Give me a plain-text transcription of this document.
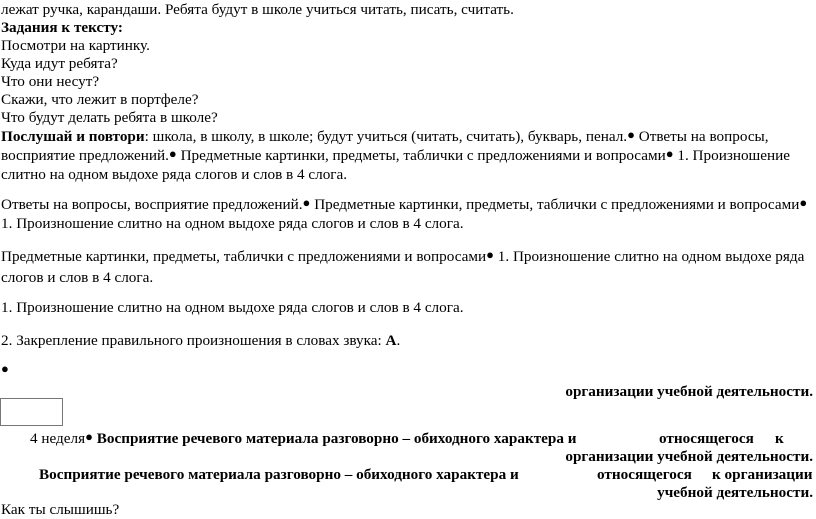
лежат ручка, карандаши. Ребята будут в школе учиться читать, писать, считать.
Задания к тексту:
Посмотри на картинку.
Куда идут ребята?
Что они несут?
Скажи, что лежит в портфеле?
Что будут делать ребята в школе?
Послушай и повтори: школа, в школу, в школе; будут учиться (читать, считать), букварь, пенал.● Ответы на вопросы, восприятие предложений.● Предметные картинки, предметы, таблички с предложениями и вопросами● 1. Произношение слитно на одном выдохе ряда слогов и слов в 4 слога.
Ответы на вопросы, восприятие предложений.● Предметные картинки, предметы, таблички с предложениями и вопросами● 1. Произношение слитно на одном выдохе ряда слогов и слов в 4 слога.
Предметные картинки, предметы, таблички с предложениями и вопросами● 1. Произношение слитно на одном выдохе ряда слогов и слов в 4 слога.
1. Произношение слитно на одном выдохе ряда слогов и слов в 4 слога.
2. Закрепление правильного произношения в словах звука: А.
●
организации учебной деятельности.
4 неделя● Восприятие речевого материала разговорно – обиходного характера и	относящегося к
организации учебной деятельности.
Восприятие речевого материала разговорно – обиходного характера и	относящегося к организации
учебной деятельности.
Как ты слышишь?
